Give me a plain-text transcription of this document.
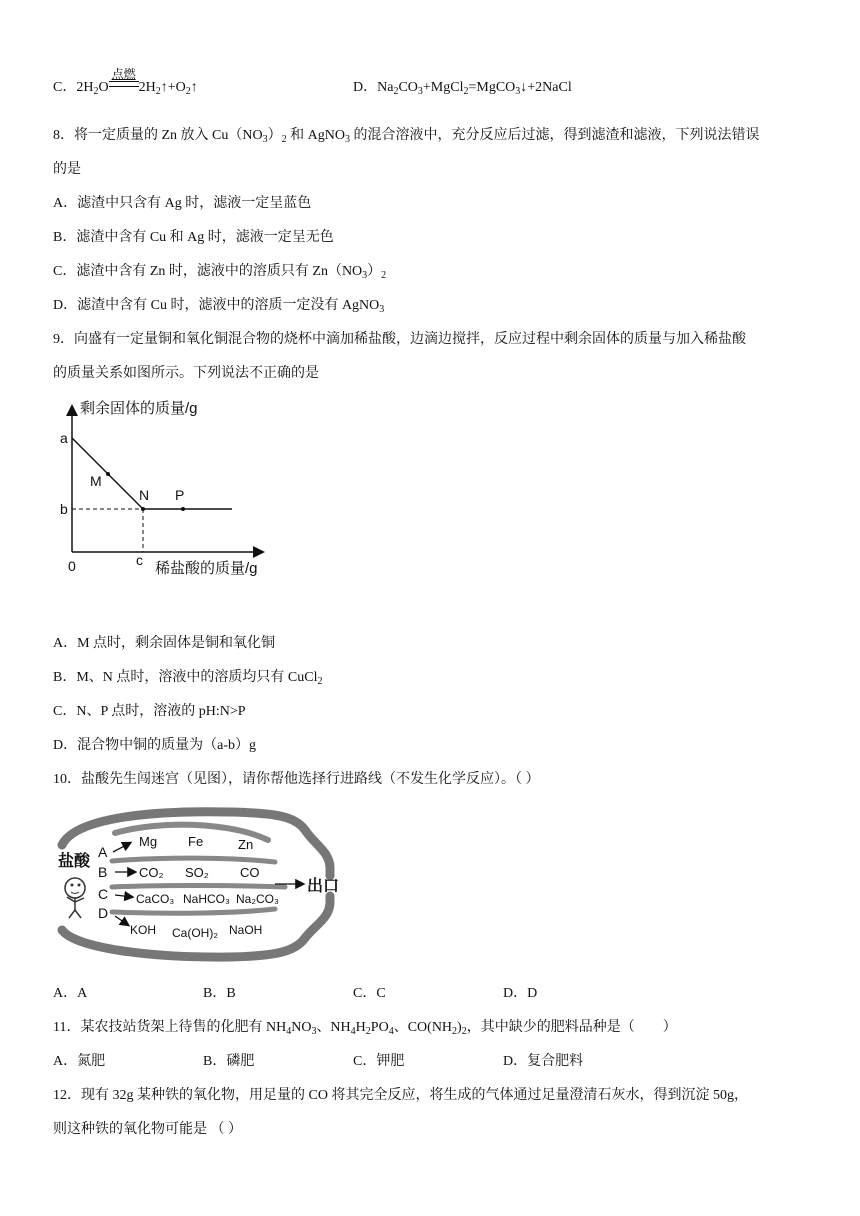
C．$2H_2O$
点燃
$2H_2↑+O_2↑$	D．$Na_2CO_3+MgCl_2=MgCO_3↓+2NaCl$
8．将一定质量的 Zn 放入 $Cu(NO_3)_2$ 和 AgNO$_3$ 的混合溶液中，充分反应后过滤，得到滤渣和滤液，下列说法错误
的是
A．滤渣中只含有 Ag 时，滤液一定呈蓝色
B．滤渣中含有 Cu 和 Ag 时，滤液一定呈无色
C．滤渣中含有 Zn 时，滤液中的溶质只有 $Zn(NO_3)_2$
D．滤渣中含有 Cu 时，滤液中的溶质一定没有 AgNO$_3$
9．向盛有一定量铜和氧化铜混合物的烧杯中滴加稀盐酸，边滴边搅拌，反应过程中剩余固体的质量与加入稀盐酸
的质量关系如图所示。下列说法不正确的是
剩余固体的质量/g
稀盐酸的质量/g
0
a
b
c
M
N P
A．M 点时，剩余固体是铜和氧化铜
B．M、N 点时，溶液中的溶质均只有 CuCl$_2$
C．N、P 点时，溶液的 pH:N>P
D．混合物中铜的质量为（a-b）g
10．盐酸先生闯迷宫（见图），请你帮他选择行进路线（不发生化学反应）。（ ）
盐酸
出口
A
B
C
D
Mg Fe	Zn
CO₂ SO₂ CO
CaCO₃ NaHCO₃ Na₂CO₃
KOH Ca(OH)₂ NaOH
A．A	B．B	C．C	D．D
11．某农技站货架上待售的化肥有 $NH_4NO_3$、$NH_4H_2PO_4$、$CO(NH_2)_2$，其中缺少的肥料品种是（　　）
A．氮肥	B．磷肥	C．钾肥	D．复合肥料
12．现有 32g 某种铁的氧化物，用足量的 CO 将其完全反应，将生成的气体通过足量澄清石灰水，得到沉淀 50g，
则这种铁的氧化物可能是 （ ）
